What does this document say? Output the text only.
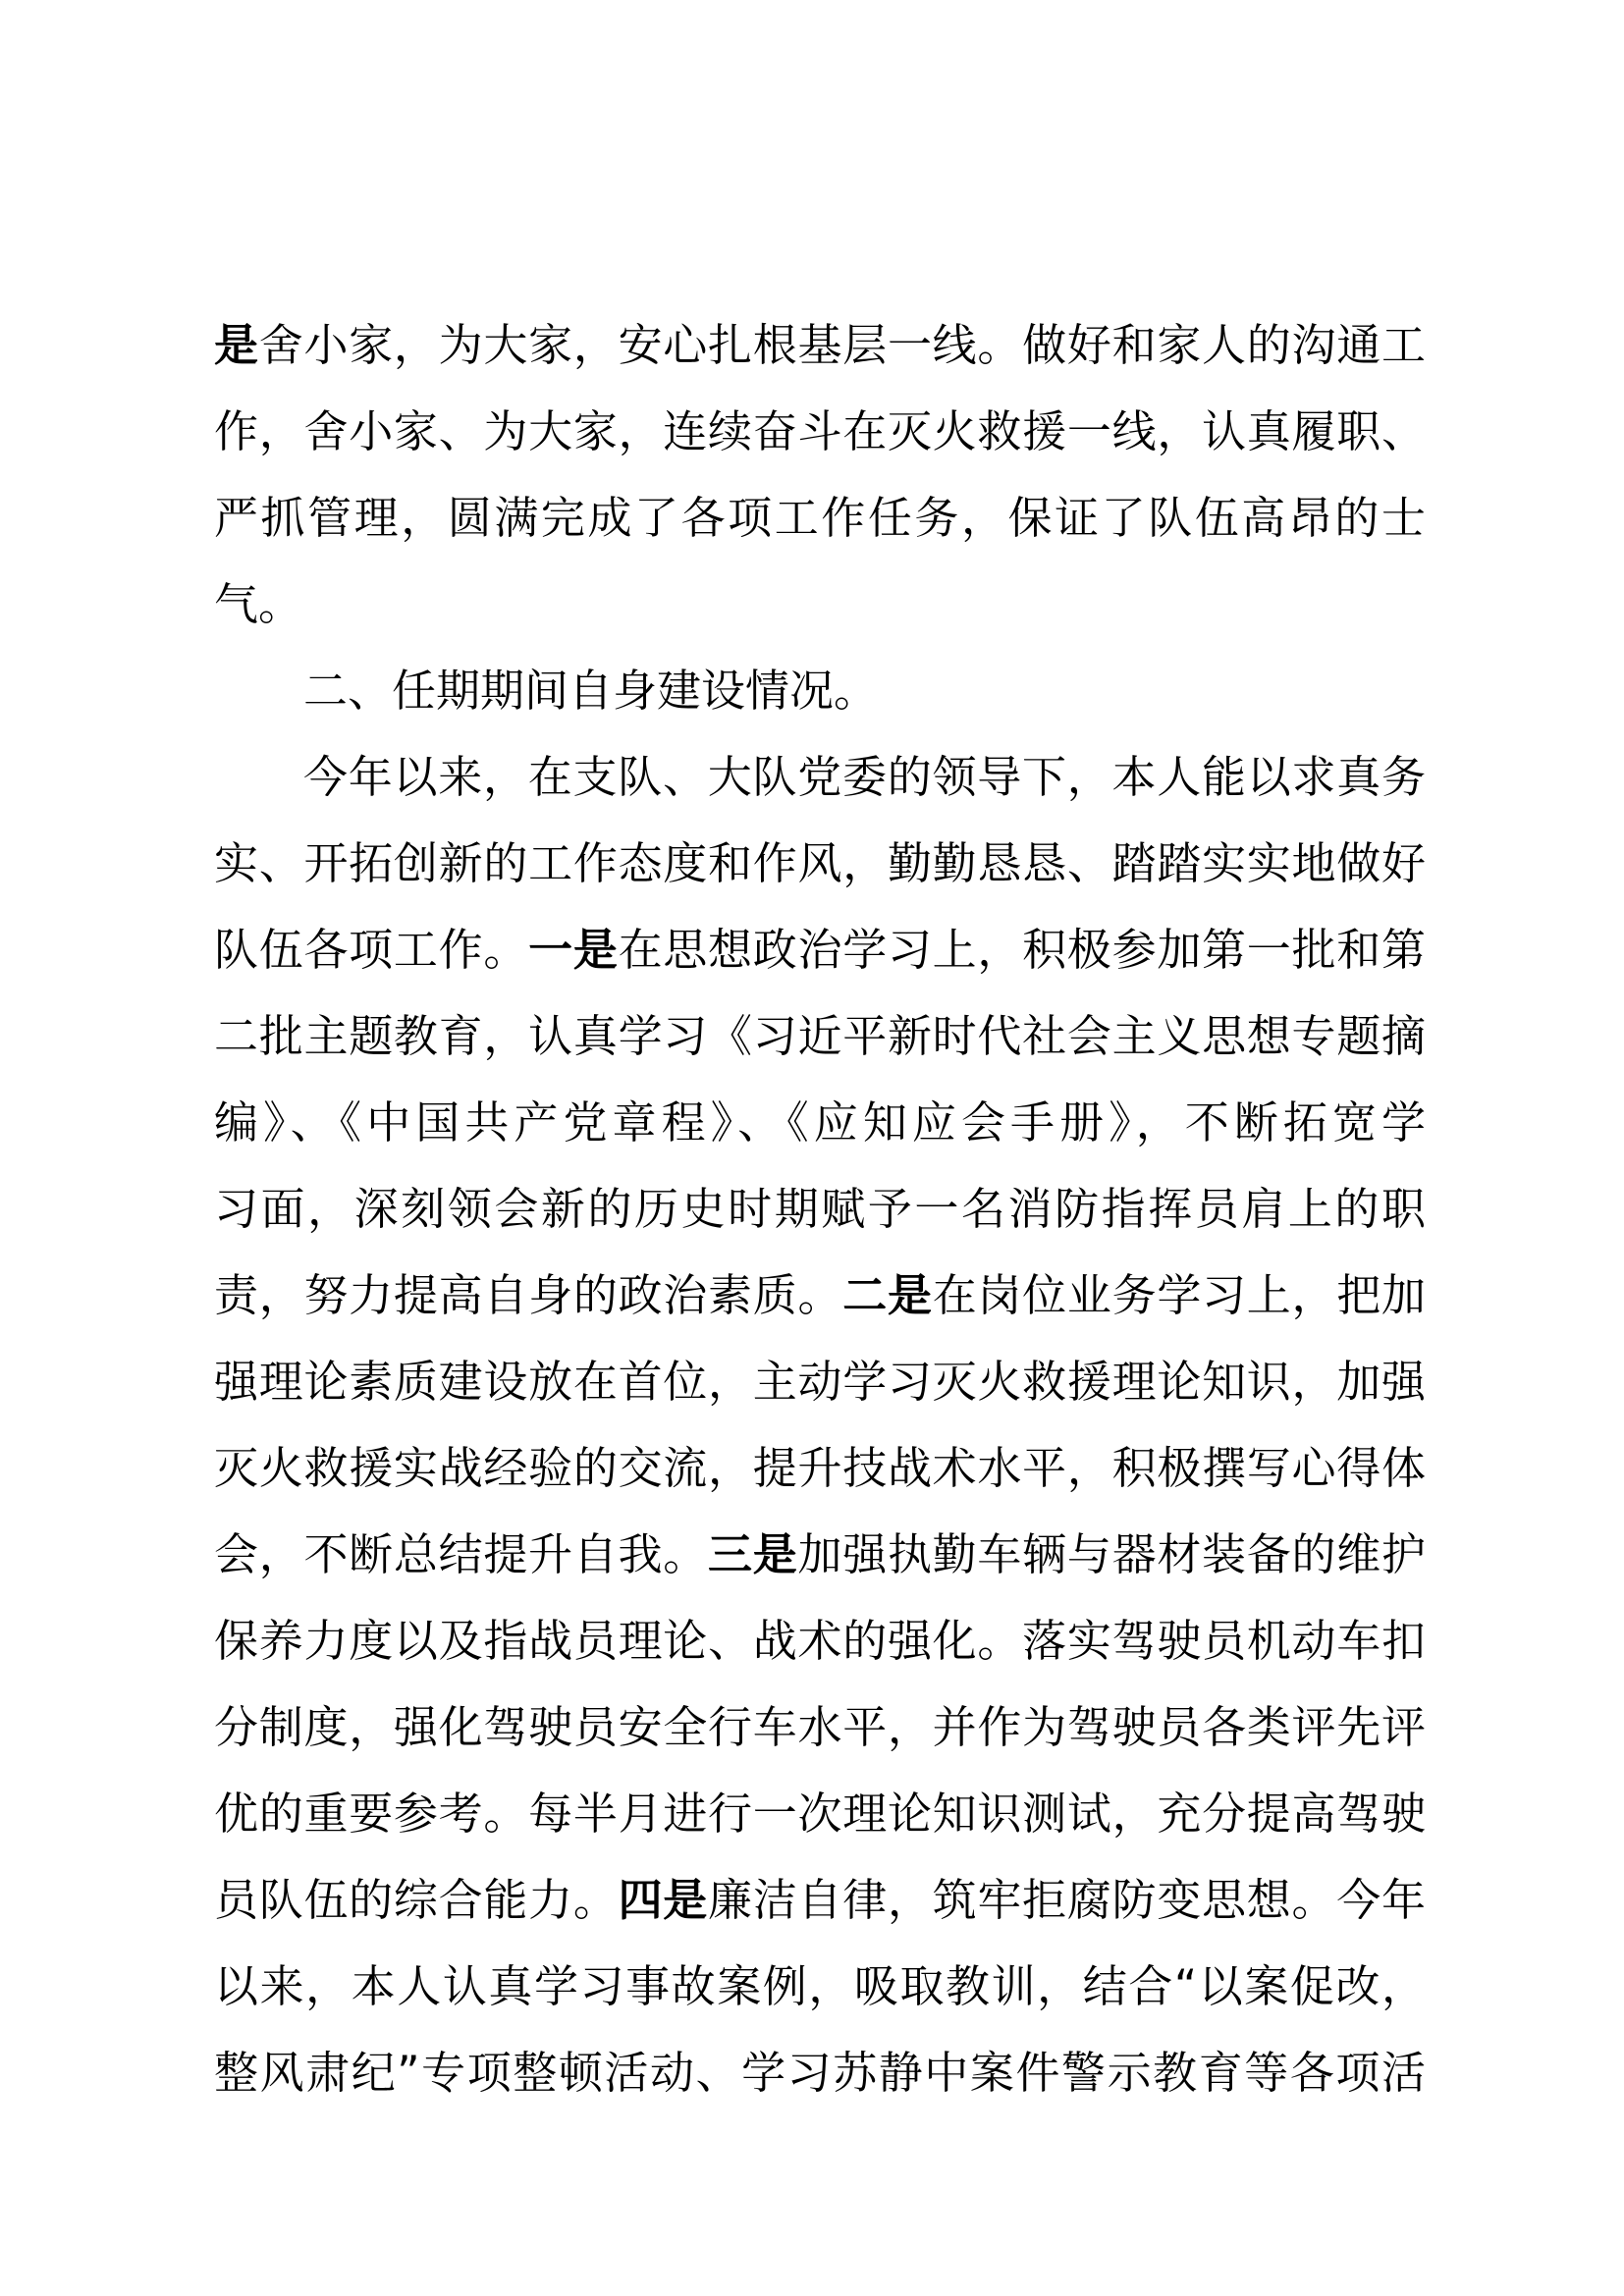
是舍小家，为大家，安心扎根基层一线。做好和家人的沟通工
作，舍小家、为大家，连续奋斗在灭火救援一线，认真履职、
严抓管理，圆满完成了各项工作任务，保证了队伍高昂的士
气。
二、任期期间自身建设情况。
今年以来，在支队、大队党委的领导下，本人能以求真务
实、开拓创新的工作态度和作风，勤勤恳恳、踏踏实实地做好
队伍各项工作。一是在思想政治学习上，积极参加第一批和第
二批主题教育，认真学习《习近平新时代社会主义思想专题摘
编》、《中国共产党章程》、《应知应会手册》，不断拓宽学
习面，深刻领会新的历史时期赋予一名消防指挥员肩上的职
责，努力提高自身的政治素质。二是在岗位业务学习上，把加
强理论素质建设放在首位，主动学习灭火救援理论知识，加强
灭火救援实战经验的交流，提升技战术水平，积极撰写心得体
会，不断总结提升自我。三是加强执勤车辆与器材装备的维护
保养力度以及指战员理论、战术的强化。落实驾驶员机动车扣
分制度，强化驾驶员安全行车水平，并作为驾驶员各类评先评
优的重要参考。每半月进行一次理论知识测试，充分提高驾驶
员队伍的综合能力。四是廉洁自律，筑牢拒腐防变思想。今年
以来，本人认真学习事故案例，吸取教训，结合“以案促改，
整风肃纪”专项整顿活动、学习苏静中案件警示教育等各项活
